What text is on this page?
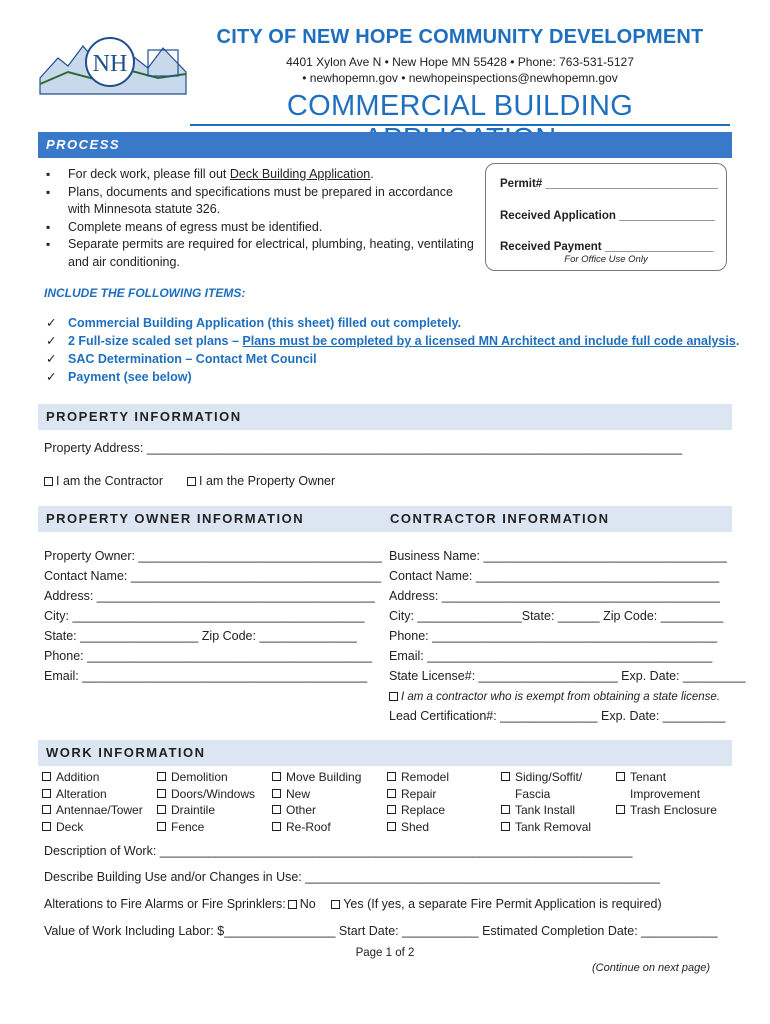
NH
CITY OF NEW HOPE COMMUNITY DEVELOPMENT
4401 Xylon Ave N • New Hope MN 55428 • Phone: 763-531-5127
• newhopemn.gov • newhopeinspections@newhopemn.gov
COMMERCIAL BUILDING
PROCESS
▪ For deck work, please fill out Deck Building Application.
▪ Plans, documents and specifications must be prepared in accordance with Minnesota statute 326.
▪ Complete means of egress must be identified.
▪ Separate permits are required for electrical, plumbing, heating, ventilating and air conditioning.
Permit# ___________________________
Received Application _______________
Received Payment _________________
For Office Use Only
INCLUDE THE FOLLOWING ITEMS:
✓ Commercial Building Application (this sheet) filled out completely.
✓ 2 Full-size scaled set plans – Plans must be completed by a licensed MN Architect and include full code analysis.
✓ SAC Determination – Contact Met Council
✓ Payment (see below)
PROPERTY INFORMATION
Property Address: _____________________________________________________________________________
I am the Contractor	I am the Property Owner
PROPERTY OWNER INFORMATION	CONTRACTOR INFORMATION
Property Owner: ___________________________________
Contact Name: ____________________________________
Address: ________________________________________
City: __________________________________________
State: _________________ Zip Code: ______________
Phone: _________________________________________
Email: _________________________________________
Business Name: ___________________________________
Contact Name: ___________________________________
Address: ________________________________________
City: _______________State: ______ Zip Code: _________
Phone: _________________________________________
Email: _________________________________________
State License#: ____________________ Exp. Date: _________
I am a contractor who is exempt from obtaining a state license.
Lead Certification#: ______________ Exp. Date: _________
WORK INFORMATION
Addition
Alteration
Antennae/Tower
Deck
Demolition
Doors/Windows
Draintile
Fence
Move Building
New
Other
Re-Roof
Remodel
Repair
Replace
Shed
Siding/Soffit/
Fascia
Tank Install
Tank Removal
Tenant
Improvement
Trash Enclosure
Description of Work: ____________________________________________________________________
Describe Building Use and/or Changes in Use: ___________________________________________________
Alterations to Fire Alarms or Fire Sprinklers: No Yes (If yes, a separate Fire Permit Application is required)
Value of Work Including Labor: $________________ Start Date: ___________ Estimated Completion Date: ___________
Page 1 of 2
(Continue on next page)
